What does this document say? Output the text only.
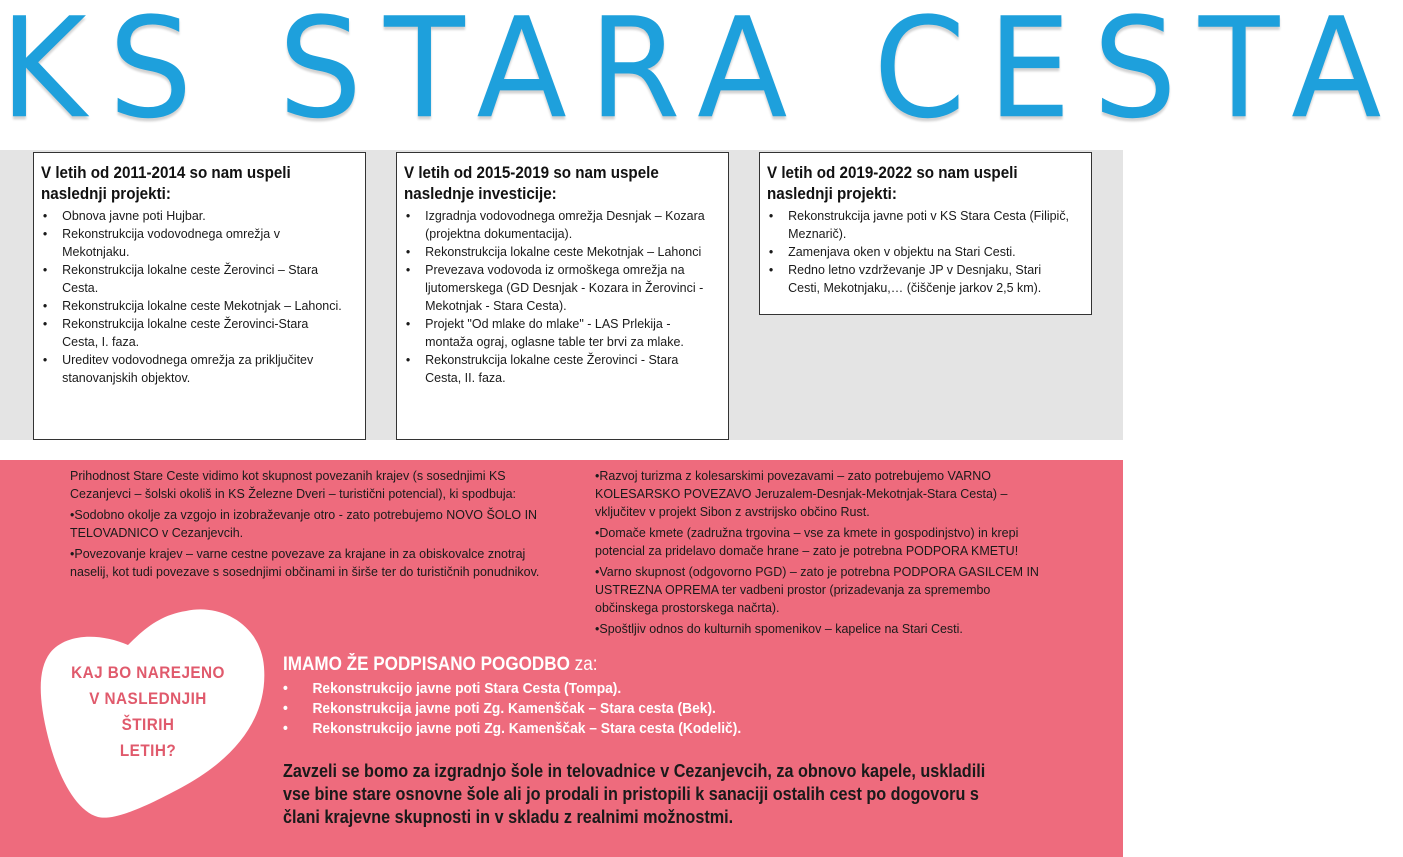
KS STARA CESTA
V letih od 2011-2014 so nam uspeli naslednji projekti:
• Obnova javne poti Hujbar.
• Rekonstrukcija vodovodnega omrežja v Mekotnjaku.
• Rekonstrukcija lokalne ceste Žerovinci – Stara Cesta.
• Rekonstrukcija lokalne ceste Mekotnjak – Lahonci.
• Rekonstrukcija lokalne ceste Žerovinci-Stara Cesta, I. faza.
• Ureditev vodovodnega omrežja za priključitev stanovanjskih objektov.
V letih od 2015-2019 so nam uspele naslednje investicije:
• Izgradnja vodovodnega omrežja Desnjak – Kozara (projektna dokumentacija).
• Rekonstrukcija lokalne ceste Mekotnjak – Lahonci
• Prevezava vodovoda iz ormoškega omrežja na ljutomerskega (GD Desnjak - Kozara in Žerovinci - Mekotnjak - Stara Cesta).
• Projekt "Od mlake do mlake" - LAS Prlekija - montaža ograj, oglasne table ter brvi za mlake.
• Rekonstrukcija lokalne ceste Žerovinci - Stara Cesta, II. faza.
V letih od 2019-2022 so nam uspeli naslednji projekti:
• Rekonstrukcija javne poti v KS Stara Cesta (Filipič, Meznarič).
• Zamenjava oken v objektu na Stari Cesti.
• Redno letno vzdrževanje JP v Desnjaku, Stari Cesti, Mekotnjaku,… (čiščenje jarkov 2,5 km).

Prihodnost Stare Ceste vidimo kot skupnost povezanih krajev (s sosednjimi KS Cezanjevci – šolski okoliš in KS Železne Dveri – turistični potencial), ki spodbuja:

•Sodobno okolje za vzgojo in izobraževanje otro - zato potrebujemo NOVO ŠOLO IN TELOVADNICO v Cezanjevcih.

•Povezovanje krajev – varne cestne povezave za krajane in za obiskovalce znotraj naselij, kot tudi povezave s sosednjimi občinami in širše ter do turističnih ponudnikov.

•Razvoj turizma z kolesarskimi povezavami – zato potrebujemo VARNO KOLESARSKO POVEZAVO Jeruzalem-Desnjak-Mekotnjak-Stara Cesta) – vključitev v projekt Sibon z avstrijsko občino Rust.

•Domače kmete (zadružna trgovina – vse za kmete in gospodinjstvo) in krepi potencial za pridelavo domače hrane – zato je potrebna PODPORA KMETU!

•Varno skupnost (odgovorno PGD) – zato je potrebna PODPORA GASILCEM IN USTREZNA OPREMA ter vadbeni prostor (prizadevanja za spremembo občinskega prostorskega načrta).

•Spoštljiv odnos do kulturnih spomenikov – kapelice na Stari Cesti.

KAJ BO NAREJENO
V NASLEDNJIH
ŠTIRIH
LETIH?
IMAMO ŽE PODPISANO POGODBO za:
• Rekonstrukcijo javne poti Stara Cesta (Tompa).
• Rekonstrukcija javne poti Zg. Kamenščak – Stara cesta (Bek).
• Rekonstrukcijo javne poti Zg. Kamenščak – Stara cesta (Kodelič).

Zavzeli se bomo za izgradnjo šole in telovadnice v Cezanjevcih, za obnovo kapele, uskladili vse bine stare osnovne šole ali jo prodali in pristopili k sanaciji ostalih cest po dogovoru s člani krajevne skupnosti in v skladu z realnimi možnostmi.
